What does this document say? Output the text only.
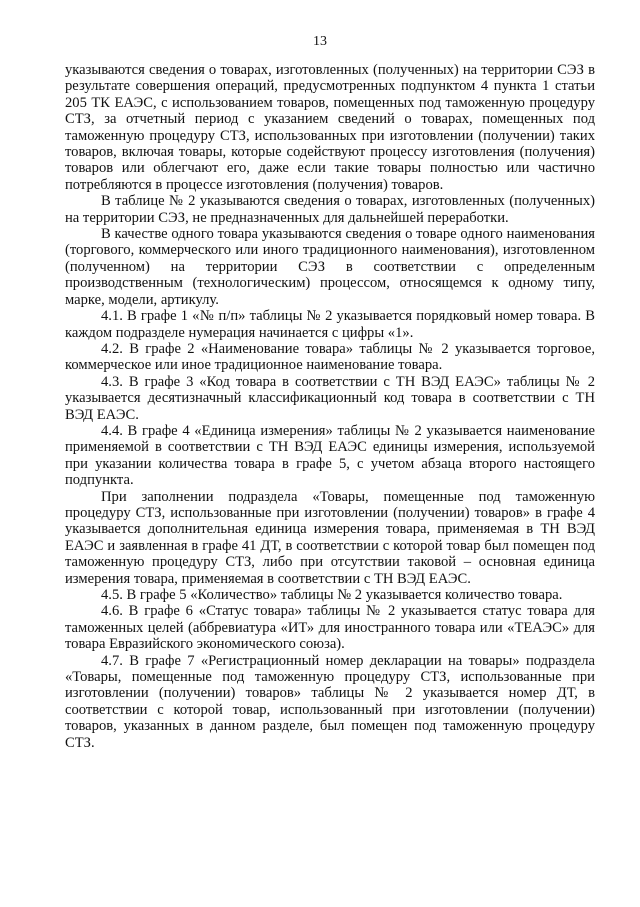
13

указываются сведения о товарах, изготовленных (полученных) на территории СЭЗ в результате совершения операций, предусмотренных подпунктом 4 пункта 1 статьи 205 ТК ЕАЭС, с использованием товаров, помещенных под таможенную процедуру СТЗ, за отчетный период с указанием сведений о товарах, помещенных под таможенную процедуру СТЗ, использованных при изготовлении (получении) таких товаров, включая товары, которые содействуют процессу изготовления (получения) товаров или облегчают его, даже если такие товары полностью или частично потребляются в процессе изготовления (получения) товаров.

В таблице № 2 указываются сведения о товарах, изготовленных (полученных) на территории СЭЗ, не предназначенных для дальнейшей переработки.

В качестве одного товара указываются сведения о товаре одного наименования (торгового, коммерческого или иного традиционного наименования), изготовленном (полученном) на территории СЭЗ в соответствии с определенным производственным (технологическим) процессом, относящемся к одному типу, марке, модели, артикулу.

4.1. В графе 1 «№ п/п» таблицы № 2 указывается порядковый номер товара. В каждом подразделе нумерация начинается с цифры «1».

4.2. В графе 2 «Наименование товара» таблицы № 2 указывается торговое, коммерческое или иное традиционное наименование товара.

4.3. В графе 3 «Код товара в соответствии с ТН ВЭД ЕАЭС» таблицы № 2 указывается десятизначный классификационный код товара в соответствии с ТН ВЭД ЕАЭС.

4.4. В графе 4 «Единица измерения» таблицы № 2 указывается наименование применяемой в соответствии с ТН ВЭД ЕАЭС единицы измерения, используемой при указании количества товара в графе 5, с учетом абзаца второго настоящего подпункта.

При заполнении подраздела «Товары, помещенные под таможенную процедуру СТЗ, использованные при изготовлении (получении) товаров» в графе 4 указывается дополнительная единица измерения товара, применяемая в ТН ВЭД ЕАЭС и заявленная в графе 41 ДТ, в соответствии с которой товар был помещен под таможенную процедуру СТЗ, либо при отсутствии таковой – основная единица измерения товара, применяемая в соответствии с ТН ВЭД ЕАЭС.

4.5. В графе 5 «Количество» таблицы № 2 указывается количество товара.

4.6. В графе 6 «Статус товара» таблицы № 2 указывается статус товара для таможенных целей (аббревиатура «ИТ» для иностранного товара или «ТЕАЭС» для товара Евразийского экономического союза).

4.7. В графе 7 «Регистрационный номер декларации на товары» подраздела «Товары, помещенные под таможенную процедуру СТЗ, использованные при изготовлении (получении) товаров» таблицы № 2 указывается номер ДТ, в соответствии с которой товар, использованный при изготовлении (получении) товаров, указанных в данном разделе, был помещен под таможенную процедуру СТЗ.
